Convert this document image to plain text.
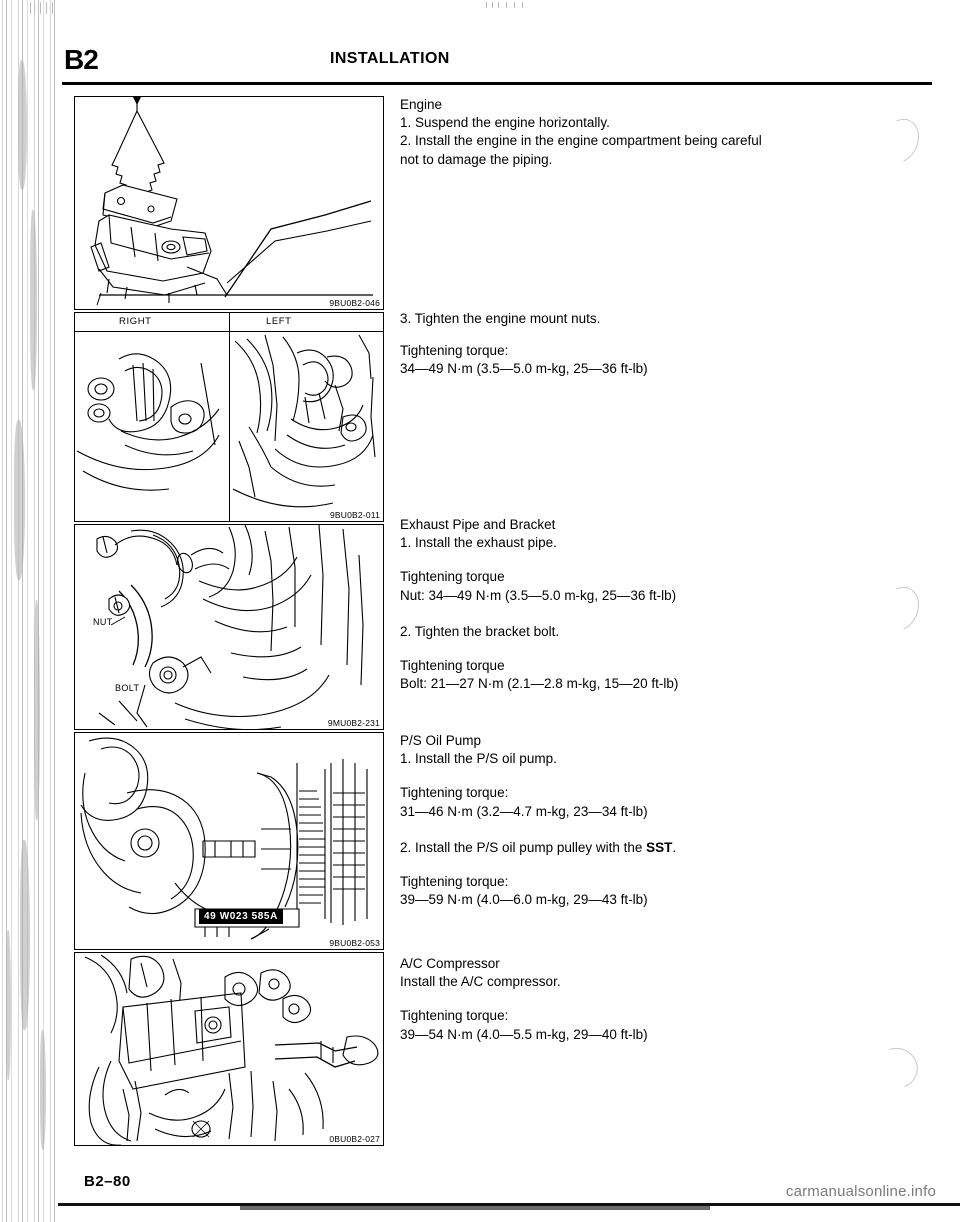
B2	INSTALLATION
9BU0B2-046
RIGHT	LEFT
9BU0B2-011
NUT
BOLT
9MU0B2-231
49 W023 585A
9BU0B2-053
0BU0B2-027
Engine
1. Suspend the engine horizontally.
2. Install the engine in the engine compartment being careful
not to damage the piping.
3. Tighten the engine mount nuts.
Tightening torque:
34—49 N·m (3.5—5.0 m-kg, 25—36 ft-lb)
Exhaust Pipe and Bracket
1. Install the exhaust pipe.
Tightening torque
Nut: 34—49 N·m (3.5—5.0 m-kg, 25—36 ft-lb)
2. Tighten the bracket bolt.
Tightening torque
Bolt: 21—27 N·m (2.1—2.8 m-kg, 15—20 ft-lb)
P/S Oil Pump
1. Install the P/S oil pump.
Tightening torque:
31—46 N·m (3.2—4.7 m-kg, 23—34 ft-lb)
2. Install the P/S oil pump pulley with the SST.
Tightening torque:
39—59 N·m (4.0—6.0 m-kg, 29—43 ft-lb)
A/C Compressor
Install the A/C compressor.
Tightening torque:
39—54 N·m (4.0—5.5 m-kg, 29—40 ft-lb)
B2–80
carmanualsonline.info
